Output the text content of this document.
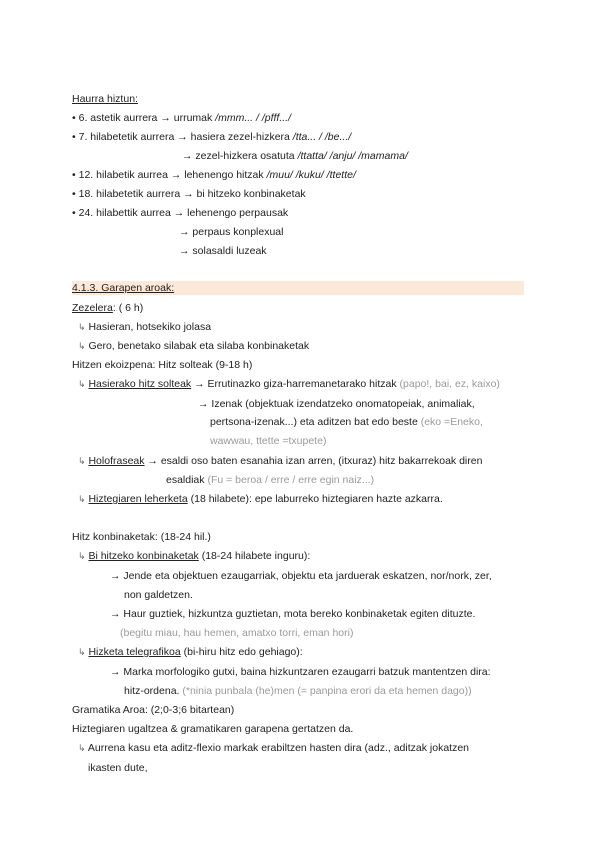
Haurra hiztun:
• 6. astetik aurrera → urrumak /mmm... / /pfff.../
• 7. hilabetetik aurrera → hasiera zezel-hizkera /tta... / /be.../
→ zezel-hizkera osatuta /ttatta/ /anju/ /mamama/
• 12. hilabetik aurrea → lehenengo hitzak /muu/ /kuku/ /ttette/
• 18. hilabetetik aurrera → bi hitzeko konbinaketak
• 24. hilabettik aurrea → lehenengo perpausak
→ perpaus konplexual
→ solasaldi luzeak
4.1.3. Garapen aroak:
Zezelera: ( 6 h)
↳ Hasieran, hotsekiko jolasa
↳ Gero, benetako silabak eta silaba konbinaketak
Hitzen ekoizpena: Hitz solteak (9-18 h)
↳ Hasierako hitz solteak → Errutinazko giza-harremanetarako hitzak (papo!, bai, ez, kaixo)
→ Izenak (objektuak izendatzeko onomatopeiak, animaliak,
pertsona-izenak...) eta aditzen bat edo beste (eko =Eneko,
wawwau, ttette =txupete)
↳ Holofraseak → esaldi oso baten esanahia izan arren, (itxuraz) hitz bakarrekoak diren
esaldiak (Fu = beroa / erre / erre egin naiz...)
↳ Hiztegiaren leherketa (18 hilabete): epe laburreko hiztegiaren hazte azkarra.
Hitz konbinaketak: (18-24 hil.)
↳ Bi hitzeko konbinaketak (18-24 hilabete inguru):
→ Jende eta objektuen ezaugarriak, objektu eta jarduerak eskatzen, nor/nork, zer,
non galdetzen.
→ Haur guztiek, hizkuntza guztietan, mota bereko konbinaketak egiten dituzte.
(begitu miau, hau hemen, amatxo torri, eman hori)
↳ Hizketa telegrafikoa (bi-hiru hitz edo gehiago):
→ Marka morfologiko gutxi, baina hizkuntzaren ezaugarri batzuk mantentzen dira:
hitz-ordena. (*ninia punbala (he)men (= panpina erori da eta hemen dago))
Gramatika Aroa: (2;0-3;6 bitartean)
Hiztegiaren ugaltzea & gramatikaren garapena gertatzen da.
↳ Aurrena kasu eta aditz-flexio markak erabiltzen hasten dira (adz., aditzak jokatzen
ikasten dute,
